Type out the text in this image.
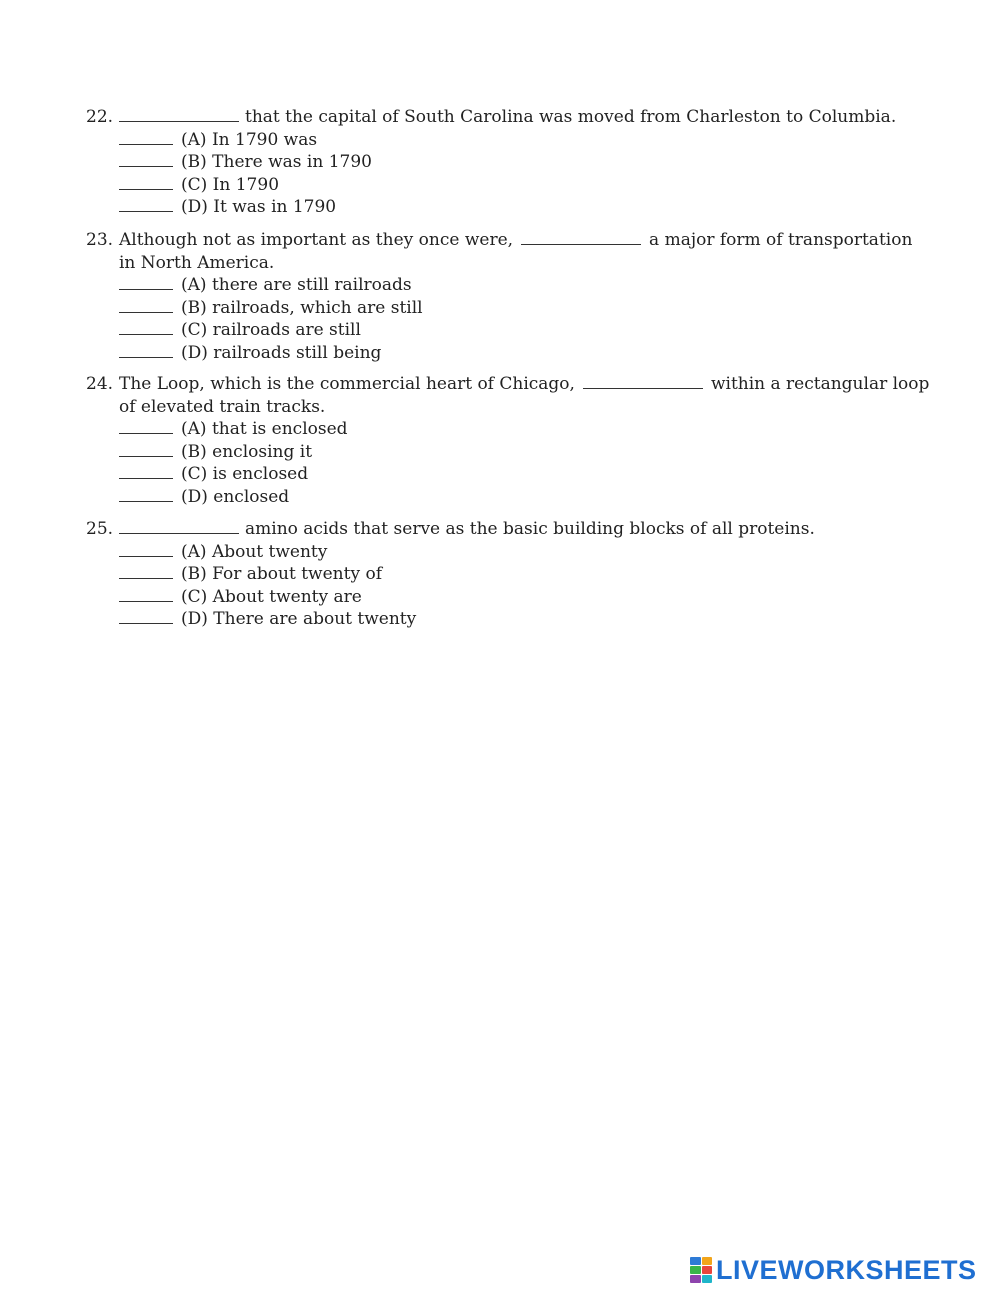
22.	that the capital of South Carolina was moved from Charleston to Columbia.
(A) In 1790 was
(B) There was in 1790
(C) In 1790
(D) It was in 1790
23. Although not as important as they once were,	a major form of transportation
in North America.
(A) there are still railroads
(B) railroads, which are still
(C) railroads are still
(D) railroads still being
24. The Loop, which is the commercial heart of Chicago,	within a rectangular loop
of elevated train tracks.
(A) that is enclosed
(B) enclosing it
(C) is enclosed
(D) enclosed
25.	amino acids that serve as the basic building blocks of all proteins.
(A) About twenty
(B) For about twenty of
(C) About twenty are
(D) There are about twenty
LIVEWORKSHEETS
